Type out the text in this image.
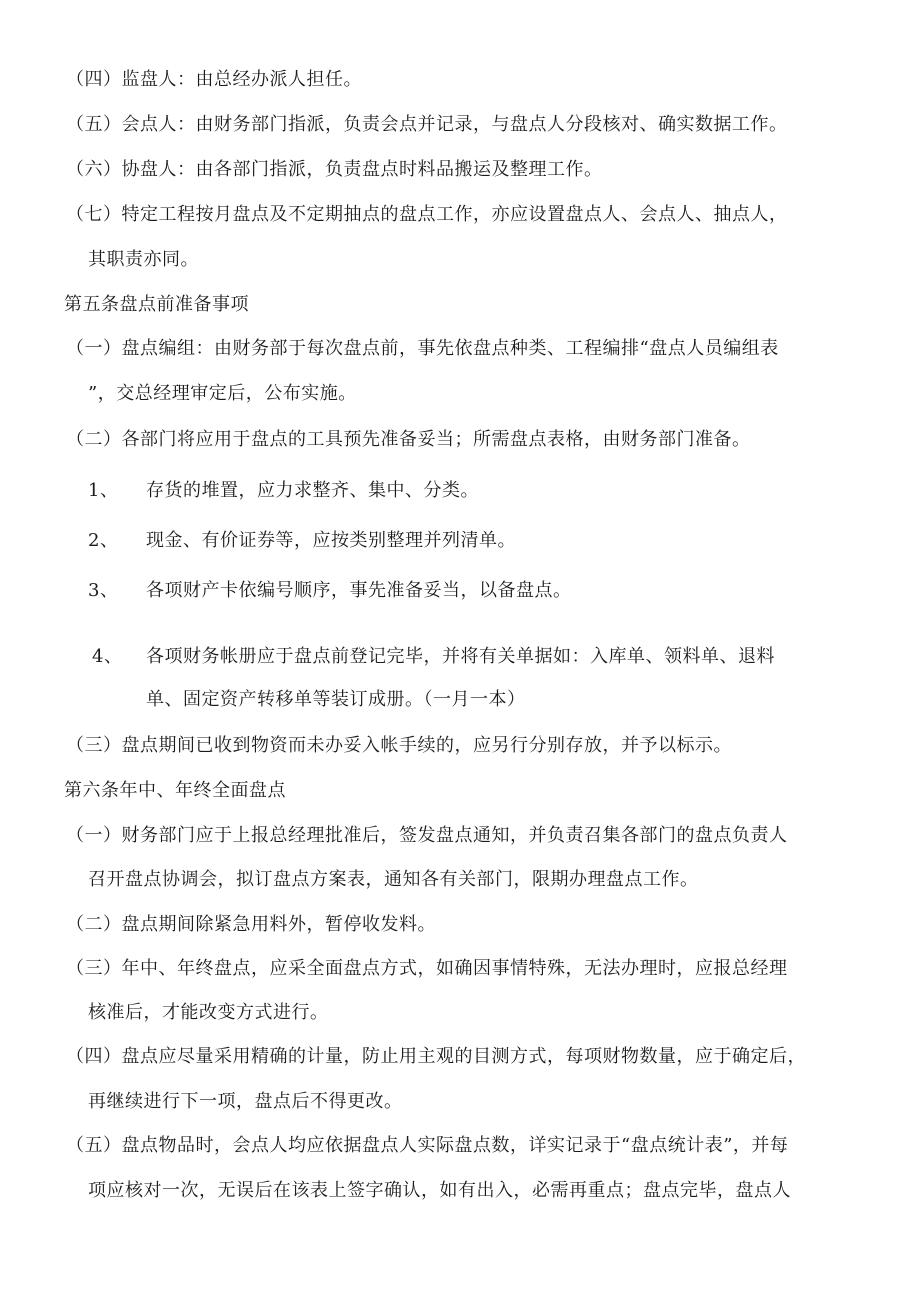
（四）监盘人：由总经办派人担任。
（五）会点人：由财务部门指派，负责会点并记录，与盘点人分段核对、确实数据工作。
（六）协盘人：由各部门指派，负责盘点时料品搬运及整理工作。
（七）特定工程按月盘点及不定期抽点的盘点工作，亦应设置盘点人、会点人、抽点人，
其职责亦同。
第五条盘点前准备事项
（一）盘点编组：由财务部于每次盘点前，事先依盘点种类、工程编排“盘点人员编组表
”，交总经理审定后，公布实施。
（二）各部门将应用于盘点的工具预先准备妥当；所需盘点表格，由财务部门准备。
1、 存货的堆置，应力求整齐、集中、分类。
2、 现金、有价证券等，应按类别整理并列清单。
3、 各项财产卡依编号顺序，事先准备妥当，以备盘点。
4、 各项财务帐册应于盘点前登记完毕，并将有关单据如：入库单、领料单、退料
单、固定资产转移单等装订成册。（一月一本）
（三）盘点期间已收到物资而未办妥入帐手续的，应另行分别存放，并予以标示。
第六条年中、年终全面盘点
（一）财务部门应于上报总经理批准后，签发盘点通知，并负责召集各部门的盘点负责人
召开盘点协调会，拟订盘点方案表，通知各有关部门，限期办理盘点工作。
（二）盘点期间除紧急用料外，暂停收发料。
（三）年中、年终盘点，应采全面盘点方式，如确因事情特殊，无法办理时，应报总经理
核准后，才能改变方式进行。
（四）盘点应尽量采用精确的计量，防止用主观的目测方式，每项财物数量，应于确定后，
再继续进行下一项，盘点后不得更改。
（五）盘点物品时，会点人均应依据盘点人实际盘点数，详实记录于“盘点统计表”，并每
项应核对一次，无误后在该表上签字确认，如有出入，必需再重点；盘点完毕，盘点人
